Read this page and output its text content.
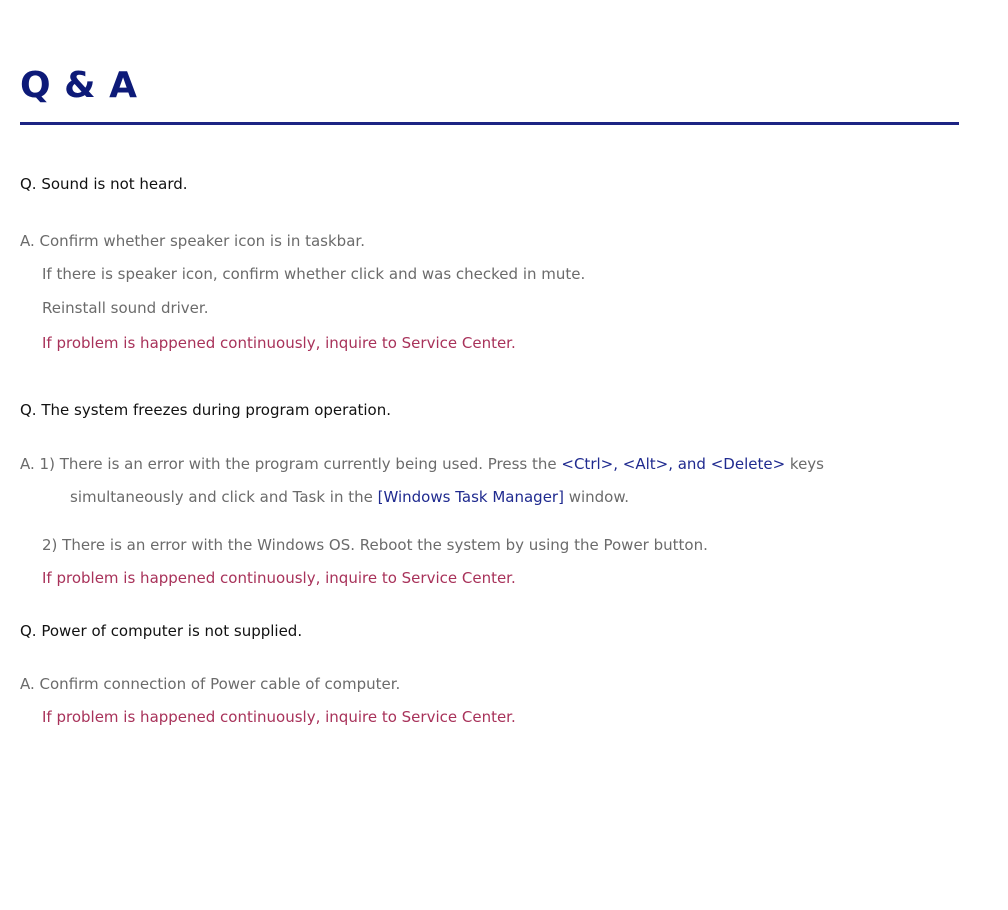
Q & A

Q. Sound is not heard.

A. Confirm whether speaker icon is in taskbar.

If there is speaker icon, confirm whether click and was checked in mute.

Reinstall sound driver.

If problem is happened continuously, inquire to Service Center.

Q. The system freezes during program operation.

A. 1) There is an error with the program currently being used. Press the <Ctrl>, <Alt>, and <Delete> keys

simultaneously and click and Task in the [Windows Task Manager] window.

2) There is an error with the Windows OS. Reboot the system by using the Power button.

If problem is happened continuously, inquire to Service Center.

Q. Power of computer is not supplied.

A. Confirm connection of Power cable of computer.

If problem is happened continuously, inquire to Service Center.
